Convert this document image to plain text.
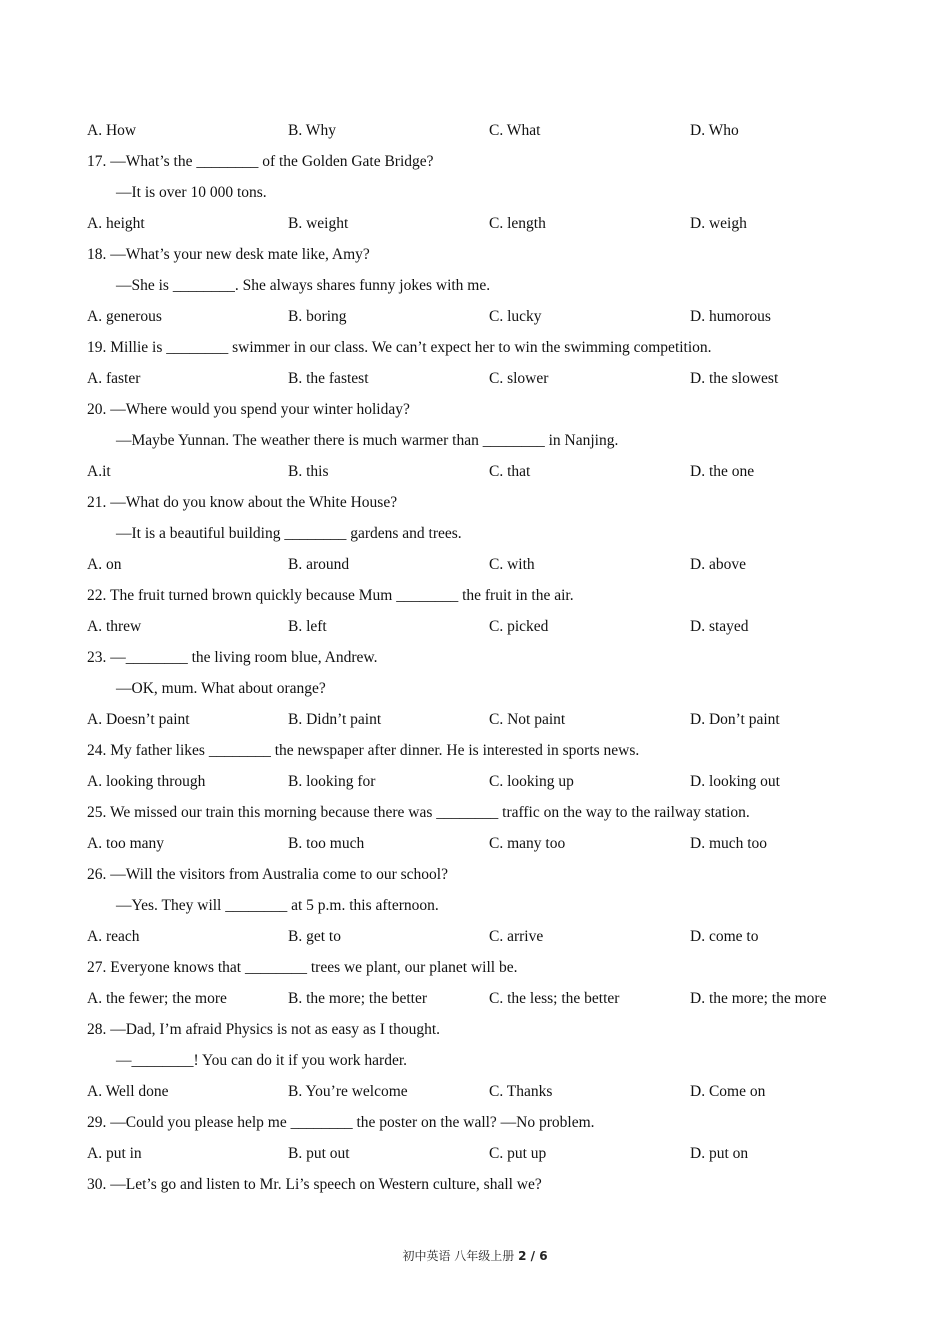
A. How	B. Why	C. What	D. Who
17. —What’s the ________ of the Golden Gate Bridge?
—It is over 10 000 tons.
A. height	B. weight	C. length	D. weigh
18. —What’s your new desk mate like, Amy?
—She is ________. She always shares funny jokes with me.
A. generous	B. boring	C. lucky	D. humorous
19. Millie is ________ swimmer in our class. We can’t expect her to win the swimming competition.
A. faster	B. the fastest	C. slower	D. the slowest
20. —Where would you spend your winter holiday?
—Maybe Yunnan. The weather there is much warmer than ________ in Nanjing.
A.it	B. this	C. that	D. the one
21. —What do you know about the White House?
—It is a beautiful building ________ gardens and trees.
A. on	B. around	C. with	D. above
22. The fruit turned brown quickly because Mum ________ the fruit in the air.
A. threw	B. left	C. picked	D. stayed
23. —________ the living room blue, Andrew.
—OK, mum. What about orange?
A. Doesn’t paint	B. Didn’t paint	C. Not paint	D. Don’t paint
24. My father likes ________ the newspaper after dinner. He is interested in sports news.
A. looking through	B. looking for	C. looking up	D. looking out
25. We missed our train this morning because there was ________ traffic on the way to the railway station.
A. too many	B. too much	C. many too	D. much too
26. —Will the visitors from Australia come to our school?
—Yes. They will ________ at 5 p.m. this afternoon.
A. reach	B. get to	C. arrive	D. come to
27. Everyone knows that ________ trees we plant, our planet will be.
A. the fewer; the more	B. the more; the better	C. the less; the better	D. the more; the more
28. —Dad, I’m afraid Physics is not as easy as I thought.
—________! You can do it if you work harder.
A. Well done	B. You’re welcome	C. Thanks	D. Come on
29. —Could you please help me ________ the poster on the wall? —No problem.
A. put in	B. put out	C. put up	D. put on
30. —Let’s go and listen to Mr. Li’s speech on Western culture, shall we?
初中英语 八年级上册 2 / 6
